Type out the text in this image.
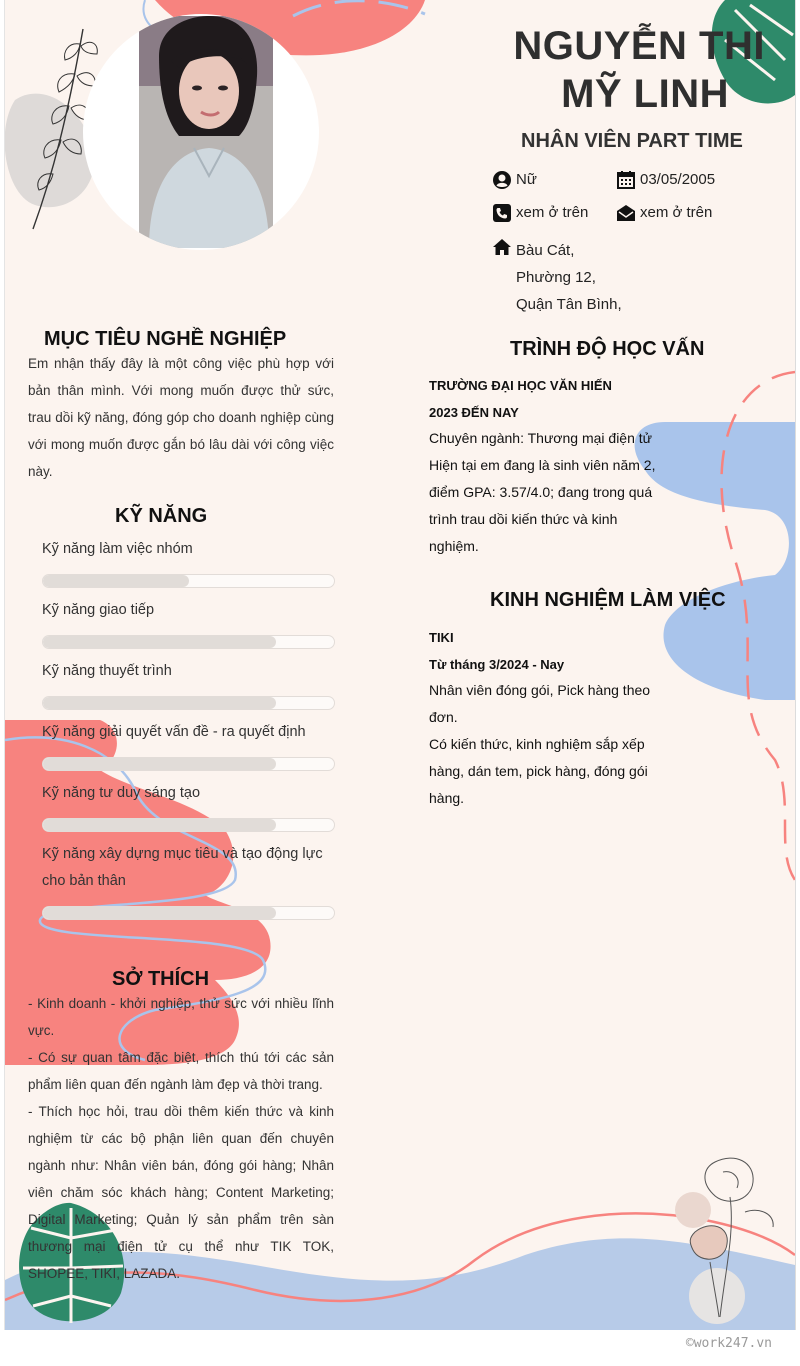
NGUYỄN THI
MỸ LINH
NHÂN VIÊN PART TIME
Nữ	03/05/2005
xem ở trên	xem ở trên
Bàu Cát,
Phường 12,
Quận Tân Bình,
MỤC TIÊU NGHỀ NGHIỆP
Em nhận thấy đây là một công việc phù hợp với bản thân mình. Với mong muốn được thử sức, trau dồi kỹ năng, đóng góp cho doanh nghiệp cùng với mong muốn được gắn bó lâu dài với công việc này.
KỸ NĂNG
Kỹ năng làm việc nhóm
Kỹ năng giao tiếp
Kỹ năng thuyết trình
Kỹ năng giải quyết vấn đề - ra quyết định
Kỹ năng tư duy sáng tạo
Kỹ năng xây dựng mục tiêu và tạo động lực
cho bản thân
SỞ THÍCH
- Kinh doanh - khởi nghiệp, thử sức với nhiều lĩnh vực.
- Có sự quan tâm đặc biệt, thích thú tới các sản phẩm liên quan đến ngành làm đẹp và thời trang.
- Thích học hỏi, trau dồi thêm kiến thức và kinh nghiệm từ các bộ phận liên quan đến chuyên ngành như: Nhân viên bán, đóng gói hàng; Nhân viên chăm sóc khách hàng; Content Marketing; Digital Marketing; Quản lý sản phẩm trên sàn thương mại điện tử cụ thể như TIK TOK, SHOPEE, TIKI, LAZADA.
TRÌNH ĐỘ HỌC VẤN
TRƯỜNG ĐẠI HỌC VĂN HIẾN
2023 ĐẾN NAY
Chuyên ngành: Thương mại điện tử
Hiện tại em đang là sinh viên năm 2,
điểm GPA: 3.57/4.0; đang trong quá
trình trau dồi kiến thức và kinh
nghiệm.
KINH NGHIỆM LÀM VIỆC
TIKI
Từ tháng 3/2024 - Nay
Nhân viên đóng gói, Pick hàng theo
đơn.
Có kiến thức, kinh nghiệm sắp xếp
hàng, dán tem, pick hàng, đóng gói
hàng.
©work247.vn
